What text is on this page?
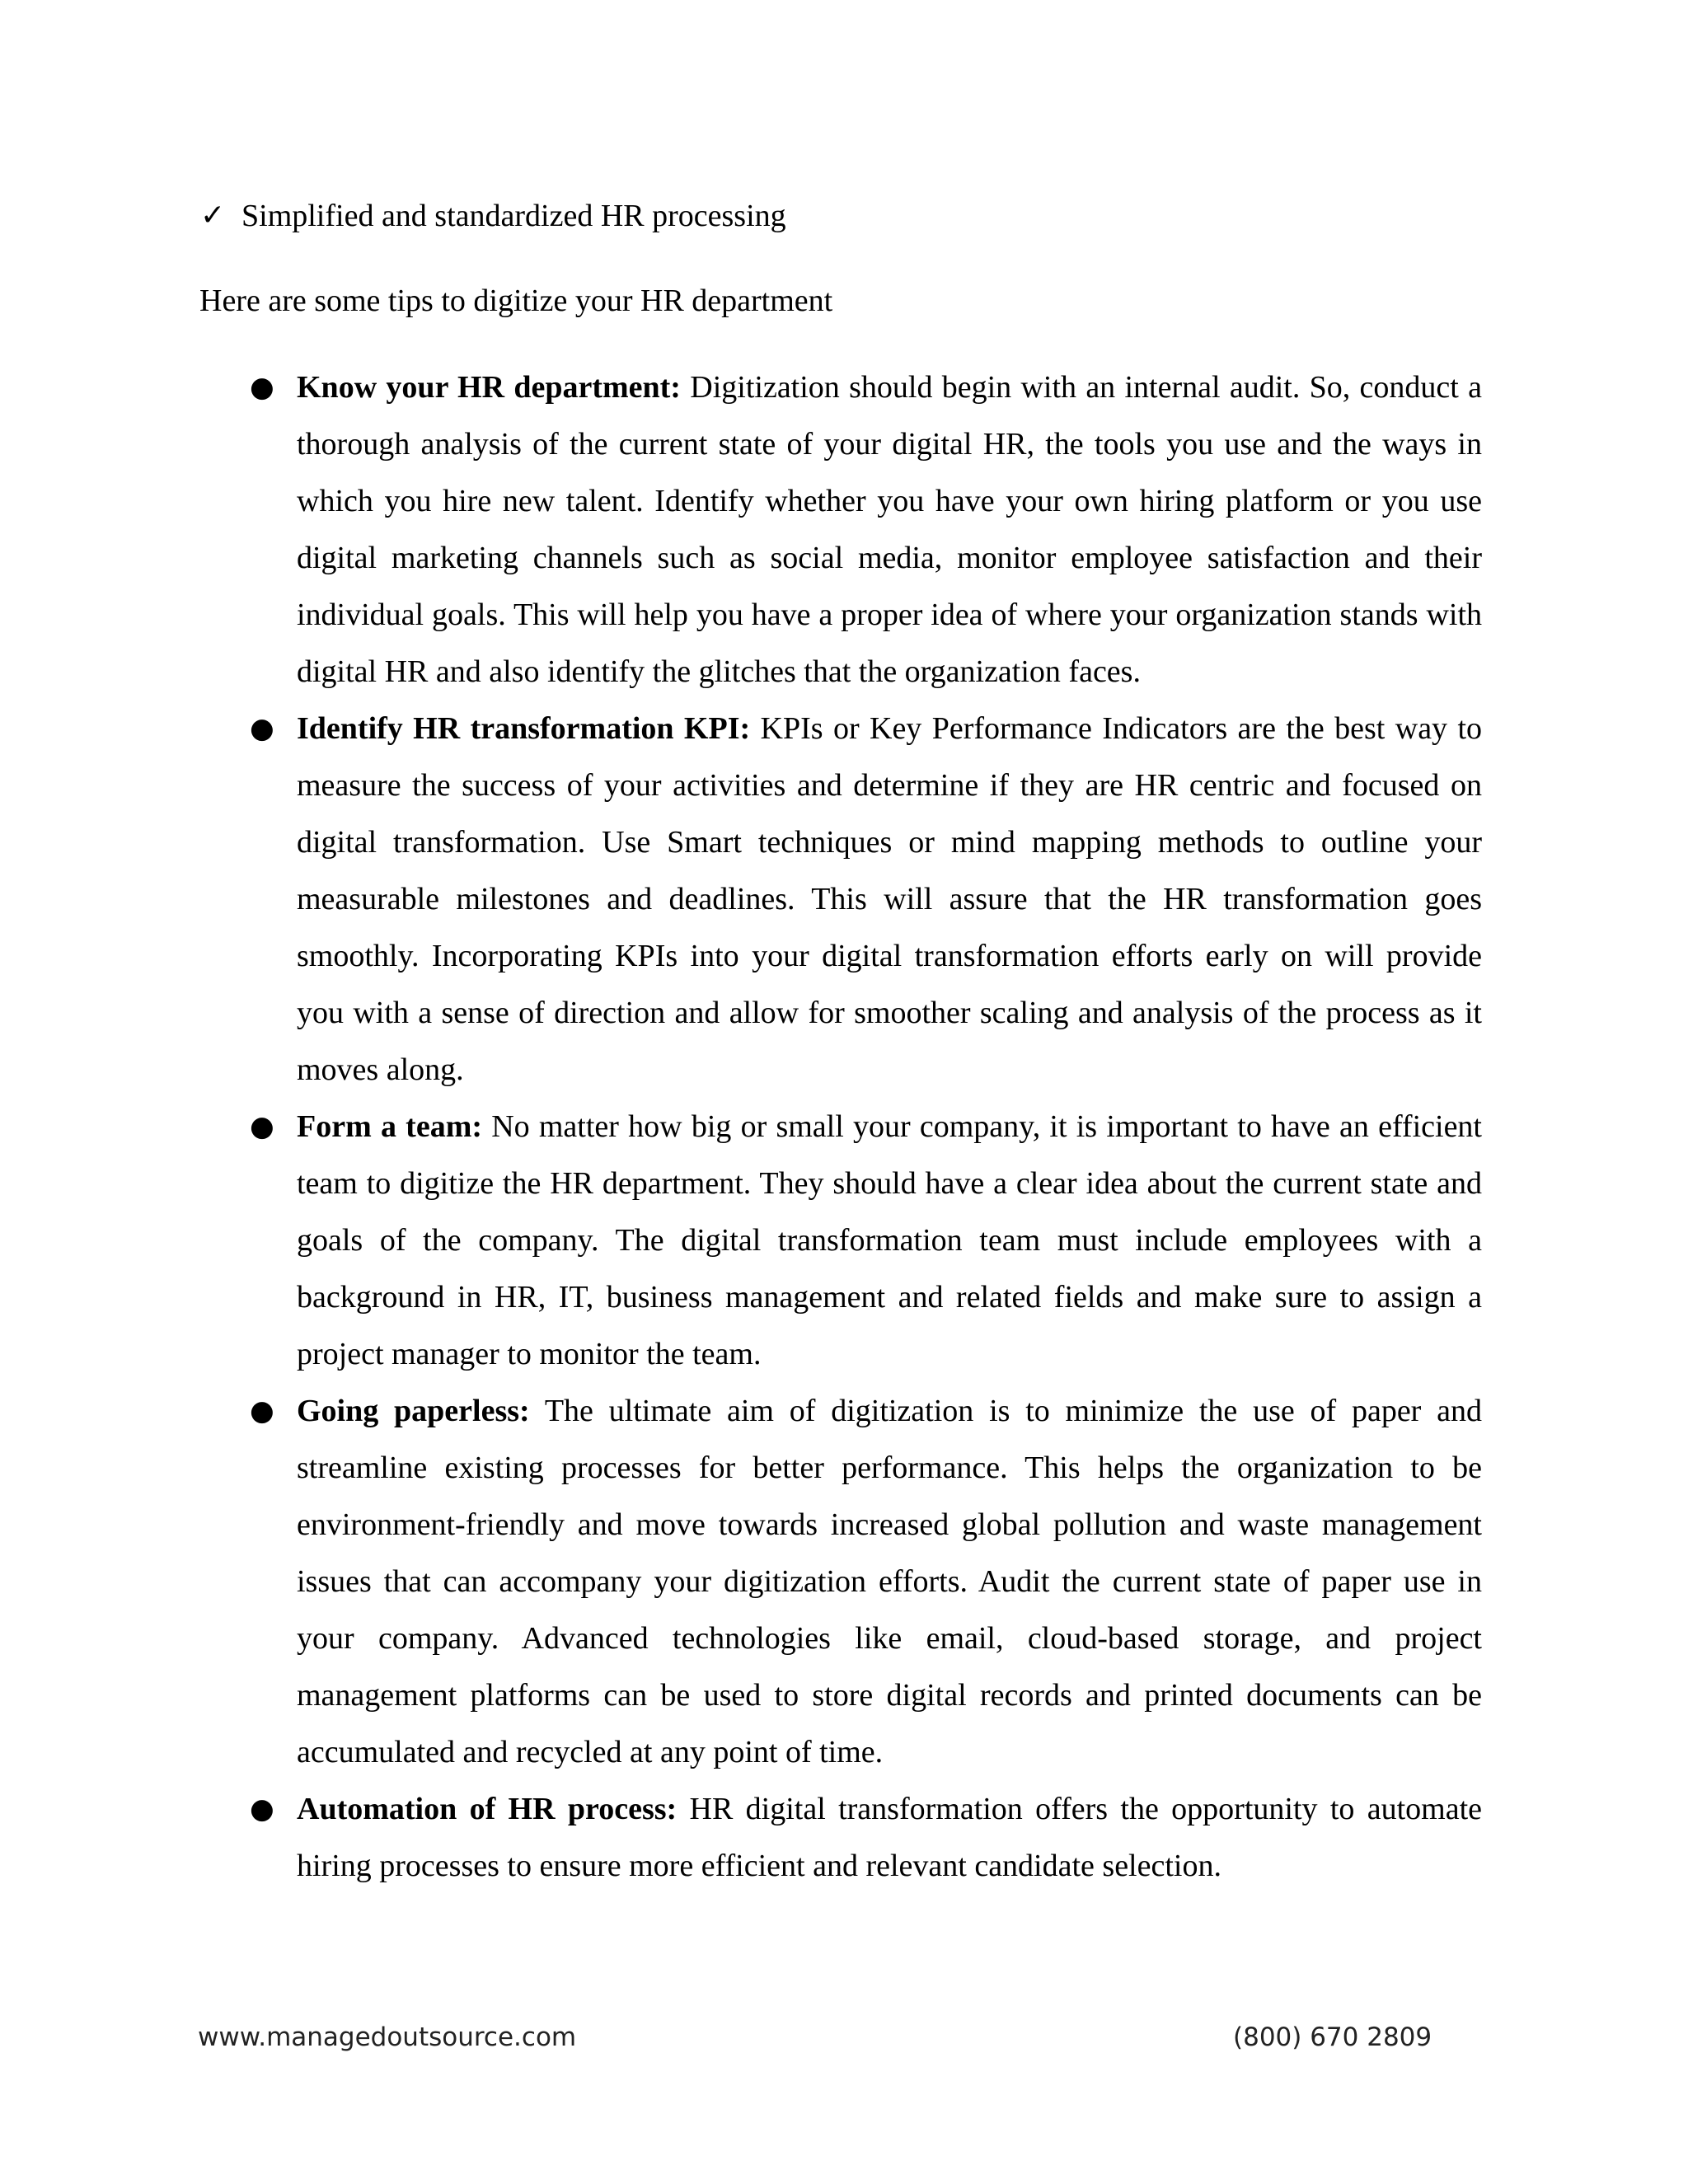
✓ Simplified and standardized HR processing
Here are some tips to digitize your HR department
● Know your HR department: Digitization should begin with an internal audit. So, conduct a thorough analysis of the current state of your digital HR, the tools you use and the ways in which you hire new talent. Identify whether you have your own hiring platform or you use digital marketing channels such as social media, monitor employee satisfaction and their individual goals. This will help you have a proper idea of where your organization stands with digital HR and also identify the glitches that the organization faces.
● Identify HR transformation KPI: KPIs or Key Performance Indicators are the best way to measure the success of your activities and determine if they are HR centric and focused on digital transformation. Use Smart techniques or mind mapping methods to outline your measurable milestones and deadlines. This will assure that the HR transformation goes smoothly. Incorporating KPIs into your digital transformation efforts early on will provide you with a sense of direction and allow for smoother scaling and analysis of the process as it moves along.
● Form a team: No matter how big or small your company, it is important to have an efficient team to digitize the HR department. They should have a clear idea about the current state and goals of the company. The digital transformation team must include employees with a background in HR, IT, business management and related fields and make sure to assign a project manager to monitor the team.
● Going paperless: The ultimate aim of digitization is to minimize the use of paper and streamline existing processes for better performance. This helps the organization to be environment-friendly and move towards increased global pollution and waste management issues that can accompany your digitization efforts. Audit the current state of paper use in your company. Advanced technologies like email, cloud-based storage, and project management platforms can be used to store digital records and printed documents can be accumulated and recycled at any point of time.
● Automation of HR process: HR digital transformation offers the opportunity to automate hiring processes to ensure more efficient and relevant candidate selection.
www.managedoutsource.com	(800) 670 2809
